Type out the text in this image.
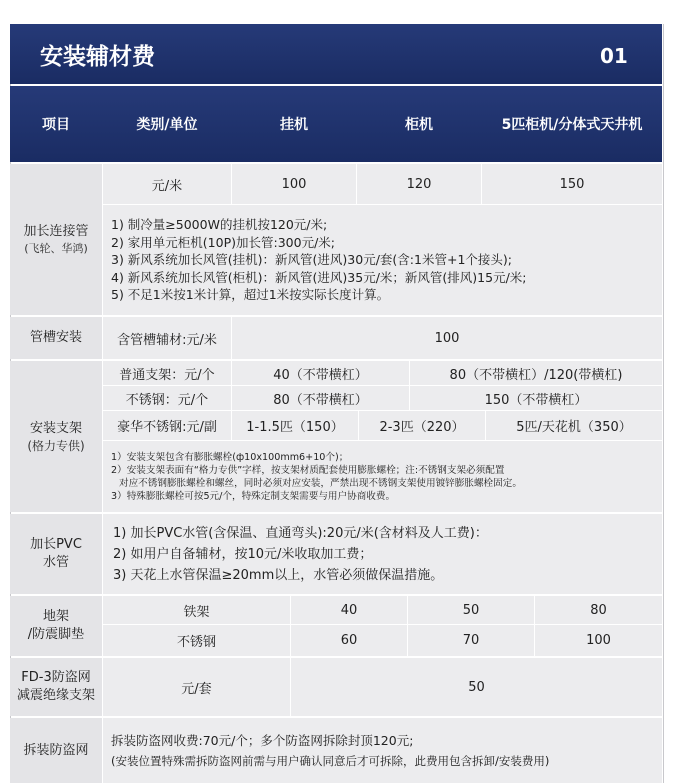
安装辅材费	01
项目	类别/单位	挂机	柜机	5匹柜机/分体式天井机
加长连接管
(飞轮、华鸿)
元/米	100	120	150
1) 制冷量≥5000W的挂机按120元/米;
2) 家用单元柜机(10P)加长管:300元/米;
3) 新风系统加长风管(挂机)：新风管(进风)30元/套(含:1米管+1个接头);
4) 新风系统加长风管(柜机)：新风管(进风)35元/米；新风管(排风)15元/米;
5) 不足1米按1米计算，超过1米按实际长度计算。
管槽安装	含管槽辅材:元/米	100
安装支架
(格力专供)
普通支架：元/个	40（不带横杠）	80（不带横杠）/120(带横杠)
不锈钢：元/个	80（不带横杠）	150（不带横杠）
豪华不锈钢:元/副	1-1.5匹（150）	2-3匹（220）	5匹/天花机（350）
1）安装支架包含有膨胀螺栓(ф10x100mm6+10个)；
2）安装支架表面有“格力专供”字样，按支架材质配套使用膨胀螺栓；注:不锈钢支架必须配置
对应不锈钢膨胀螺栓和螺丝，同时必须对应安装，严禁出现不锈钢支架使用镀锌膨胀螺栓固定。
3）特殊膨胀螺栓可按5元/个，特殊定制支架需要与用户协商收费。
加长PVC
水管
1) 加长PVC水管(含保温、直通弯头):20元/米(含材料及人工费)：
2) 如用户自备辅材，按10元/米收取加工费；
3) 天花上水管保温≥20mm以上，水管必须做保温措施。
地架
/防震脚垫
铁架	40	50	80
不锈钢	60	70	100
FD-3防盗网
减震绝缘支架	元/套	50
拆装防盗网
拆装防盗网收费:70元/个；多个防盗网拆除封顶120元;
(安装位置特殊需拆防盗网前需与用户确认同意后才可拆除，此费用包含拆卸/安装费用)
